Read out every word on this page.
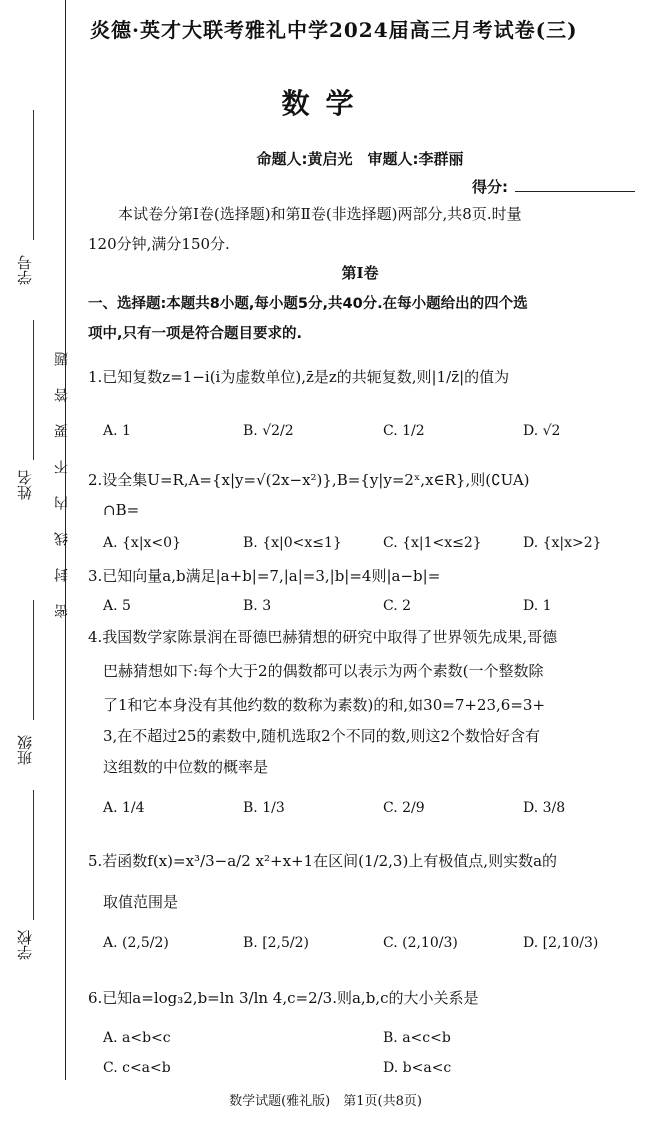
学号
姓名
班级
学校
密封线内不要答题
炎德·英才大联考雅礼中学2024届高三月考试卷(三)
数学
命题人:黄启光　审题人:李群丽
得分:
本试卷分第Ⅰ卷(选择题)和第Ⅱ卷(非选择题)两部分,共8页.时量
120分钟,满分150分.
第Ⅰ卷
一、选择题:本题共8小题,每小题5分,共40分.在每小题给出的四个选
项中,只有一项是符合题目要求的.
1.已知复数z=1−i(i为虚数单位),z̄是z的共轭复数,则|1/z̄|的值为
A. 1	B. √2/2	C. 1/2	D. √2
2.设全集U=R,A={x|y=√(2x−x²)},B={y|y=2ˣ,x∈R},则(∁UA)
∩B=
A. {x|x<0}	B. {x|0<x≤1}	C. {x|1<x≤2}	D. {x|x>2}
3.已知向量a,b满足|a+b|=7,|a|=3,|b|=4则|a−b|=
A. 5	B. 3	C. 2	D. 1
4.我国数学家陈景润在哥德巴赫猜想的研究中取得了世界领先成果,哥德
巴赫猜想如下:每个大于2的偶数都可以表示为两个素数(一个整数除
了1和它本身没有其他约数的数称为素数)的和,如30=7+23,6=3+
3,在不超过25的素数中,随机选取2个不同的数,则这2个数恰好含有
这组数的中位数的概率是
A. 1/4	B. 1/3	C. 2/9	D. 3/8
5.若函数f(x)=x³/3−a/2 x²+x+1在区间(1/2,3)上有极值点,则实数a的
取值范围是
A. (2,5/2)	B. [2,5/2)	C. (2,10/3)	D. [2,10/3)
6.已知a=log₃2,b=ln 3/ln 4,c=2/3.则a,b,c的大小关系是
A. a<b<c	B. a<c<b
C. c<a<b	D. b<a<c
数学试题(雅礼版)　第1页(共8页)
